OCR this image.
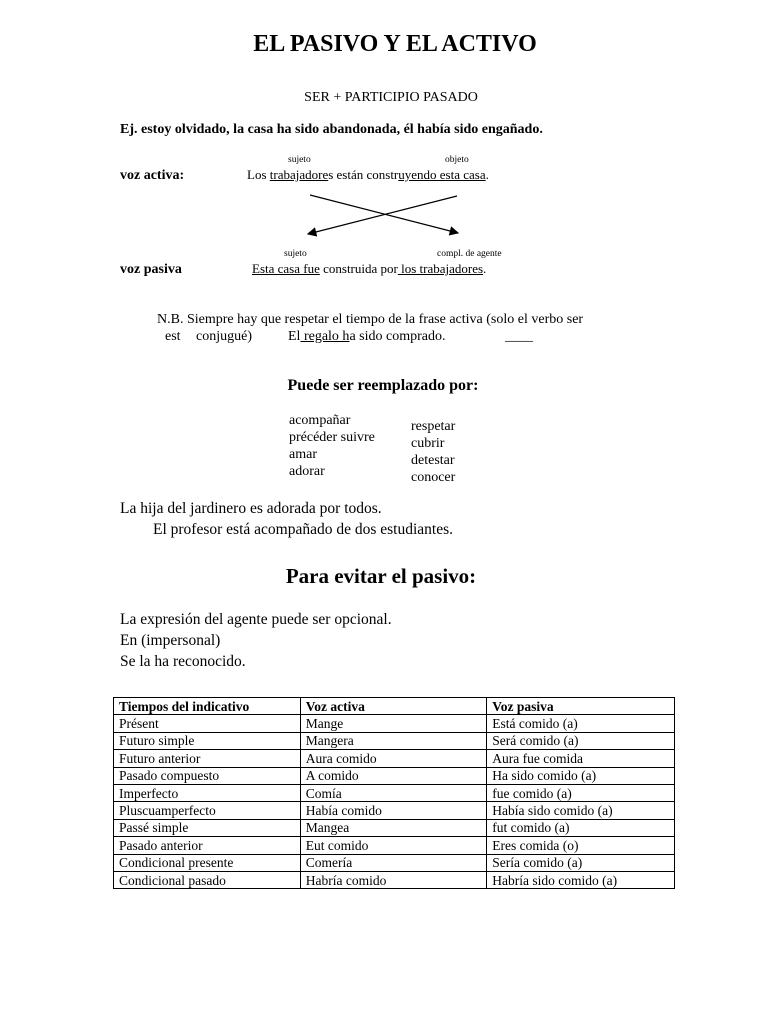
EL PASIVO Y EL ACTIVO
SER + PARTICIPIO PASADO
Ej. estoy olvidado, la casa ha sido abandonada, él había sido engañado.
sujeto	objeto
voz activa:	Los trabajadores están construyendo esta casa.
sujeto	compl. de agente
voz pasiva	Esta casa fue construida por los trabajadores.
N.B. Siempre hay que respetar el tiempo de la frase activa (solo el verbo ser
est conjugué)	El regalo ha sido comprado.	____
Puede ser reemplazado por:
acompañar
précéder suivre
amar
adorar
respetar
cubrir
detestar
conocer
La hija del jardinero es adorada por todos.
El profesor está acompañado de dos estudiantes.
Para evitar el pasivo:
La expresión del agente puede ser opcional.
En (impersonal)
Se la ha reconocido.
Tiempos del indicativo	Voz activa	Voz pasiva
Présent	Mange	Está comido (a)
Futuro simple	Mangera	Será comido (a)
Futuro anterior	Aura comido	Aura fue comida
Pasado compuesto	A comido	Ha sido comido (a)
Imperfecto	Comía	fue comido (a)
Pluscuamperfecto	Había comido	Había sido comido (a)
Passé simple	Mangea	fut comido (a)
Pasado anterior	Eut comido	Eres comida (o)
Condicional presente	Comería	Sería comido (a)
Condicional pasado	Habría comido	Habría sido comido (a)
